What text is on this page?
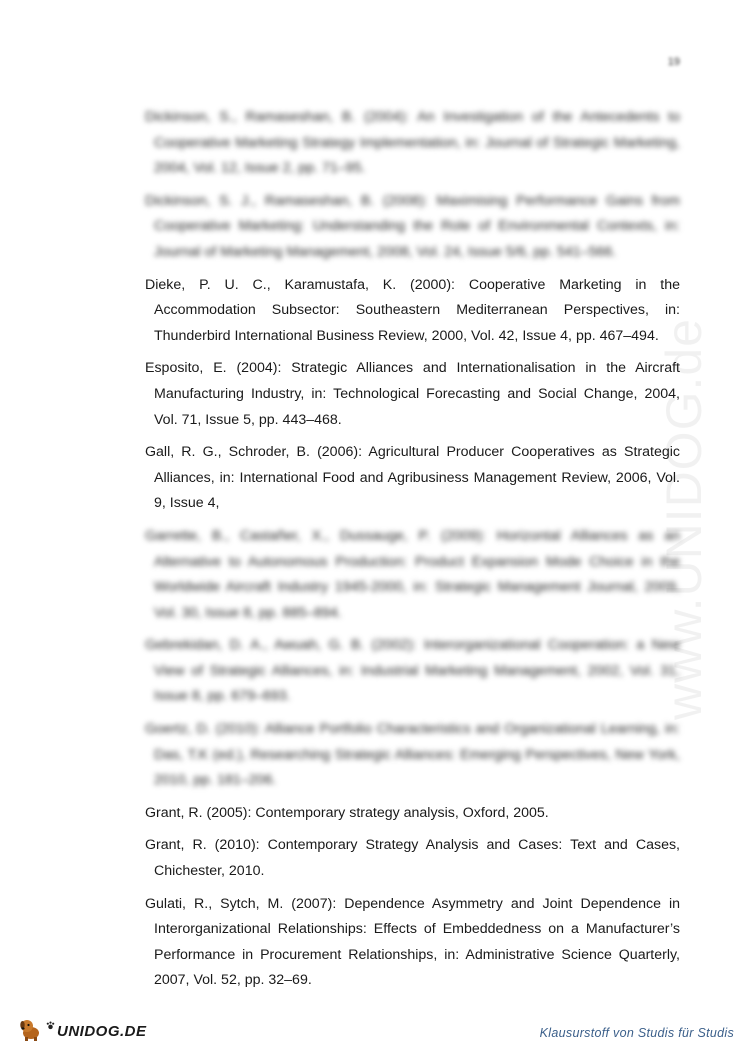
19
www.UNIDOG.de
Dickinson, S., Ramaseshan, B. (2004): An Investigation of the Antecedents to Cooperative Marketing Strategy Implementation, in: Journal of Strategic Marketing, 2004, Vol. 12, Issue 2, pp. 71–95.
Dickinson, S. J., Ramaseshan, B. (2008): Maximising Performance Gains from Cooperative Marketing: Understanding the Role of Environmental Contexts, in: Journal of Marketing Management, 2008, Vol. 24, Issue 5/6, pp. 541–566.
Dieke, P. U. C., Karamustafa, K. (2000): Cooperative Marketing in the Accommodation Subsector: Southeastern Mediterranean Perspectives, in: Thunderbird International Business Review, 2000, Vol. 42, Issue 4, pp. 467–494.
Esposito, E. (2004): Strategic Alliances and Internationalisation in the Aircraft Manufacturing Industry, in: Technological Forecasting and Social Change, 2004, Vol. 71, Issue 5, pp. 443–468.
Gall, R. G., Schroder, B. (2006): Agricultural Producer Cooperatives as Strategic Alliances, in: International Food and Agribusiness Management Review, 2006, Vol. 9, Issue 4,
Garrette, B., Castañer, X., Dussauge, P. (2009): Horizontal Alliances as an Alternative to Autonomous Production: Product Expansion Mode Choice in the Worldwide Aircraft Industry 1945-2000, in: Strategic Management Journal, 2009, Vol. 30, Issue 8, pp. 885–894.
Gebrekidan, D. A., Awuah, G. B. (2002): Interorganizational Cooperation: a New View of Strategic Alliances, in: Industrial Marketing Management, 2002, Vol. 31, Issue 8, pp. 679–693.
Goertz, D. (2010): Alliance Portfolio Characteristics and Organizational Learning, in: Das, T.K (ed.), Researching Strategic Alliances: Emerging Perspectives, New York, 2010, pp. 181–206.
Grant, R. (2005): Contemporary strategy analysis, Oxford, 2005.
Grant, R. (2010): Contemporary Strategy Analysis and Cases: Text and Cases, Chichester, 2010.
Gulati, R., Sytch, M. (2007): Dependence Asymmetry and Joint Dependence in Interorganizational Relationships: Effects of Embeddedness on a Manufacturer’s Performance in Procurement Relationships, in: Administrative Science Quarterly, 2007, Vol. 52, pp. 32–69.
UNIDOG.DE	Klausurstoff von Studis für Studis
